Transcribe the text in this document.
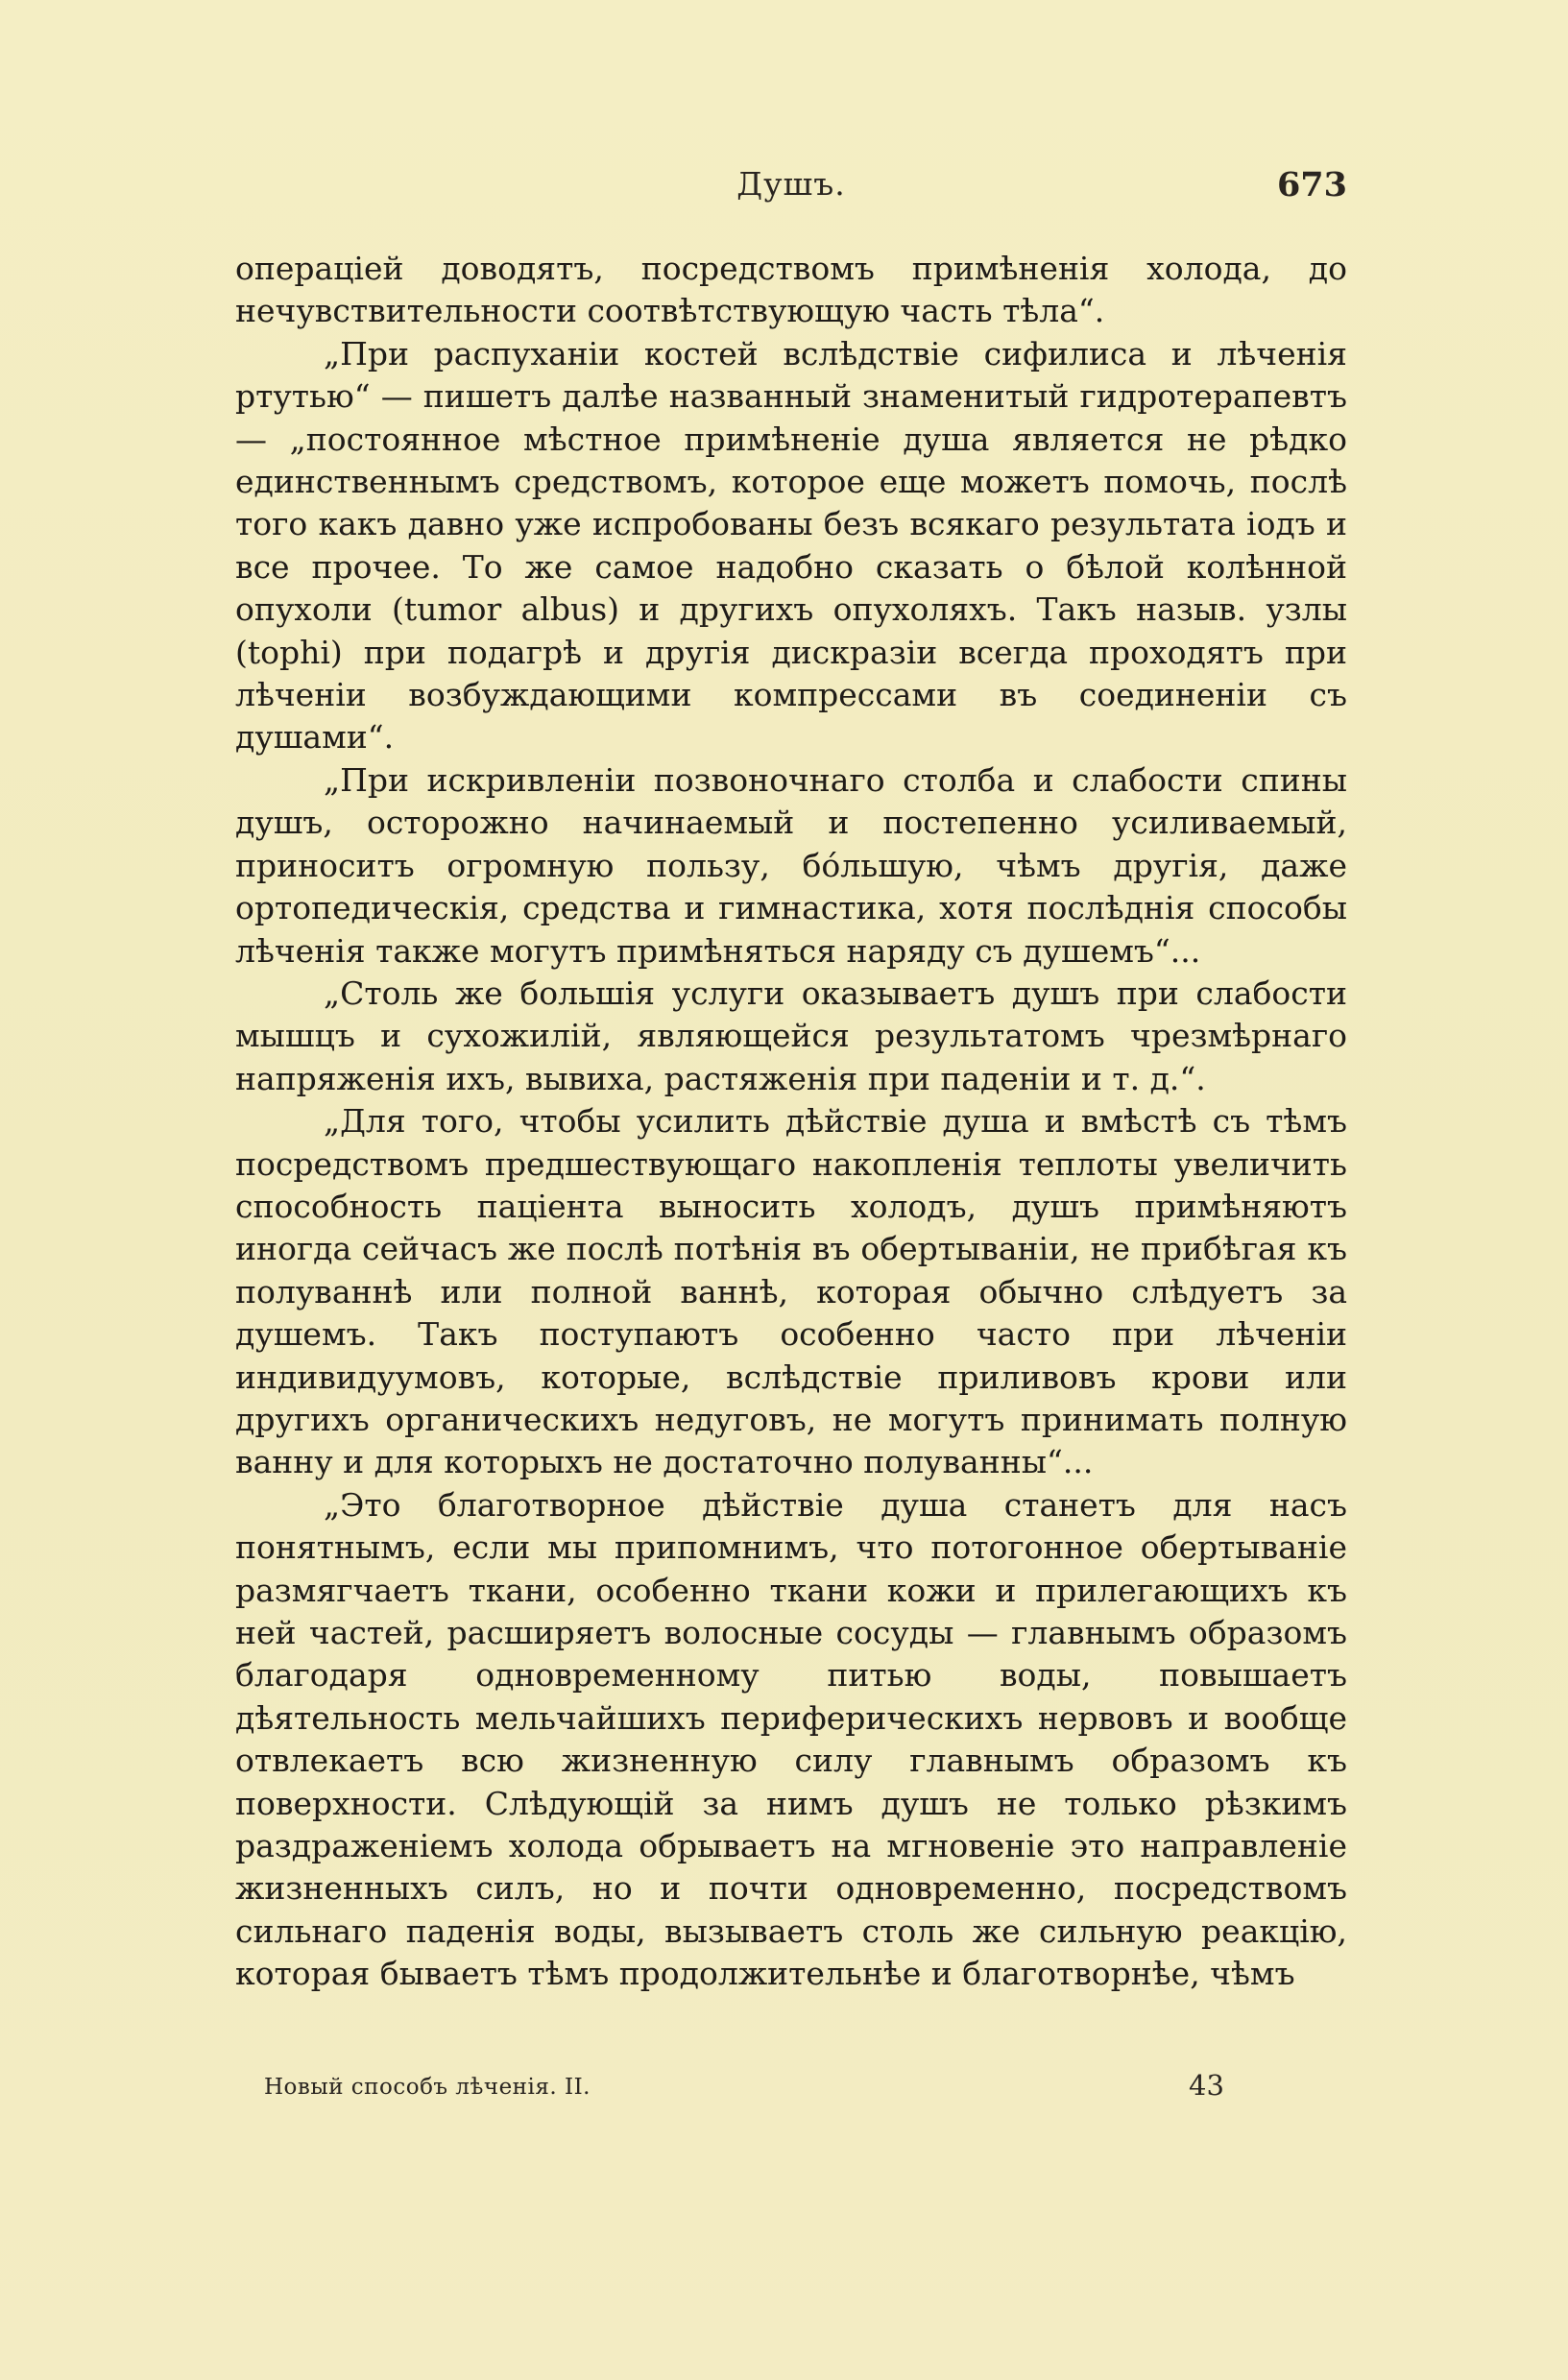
Душъ.	673

операціей доводятъ, посредствомъ примѣненія холода, до нечувствительности соотвѣтствующую часть тѣла“.

„При распуханіи костей вслѣдствіе сифилиса и лѣченія ртутью“ — пишетъ далѣе названный знаменитый гидротерапевтъ — „постоянное мѣстное примѣненіе душа является не рѣдко единственнымъ средствомъ, которое еще можетъ помочь, послѣ того какъ давно уже испробованы безъ всякаго результата іодъ и все прочее. То же самое надобно сказать о бѣлой колѣнной опухоли (tumor albus) и другихъ опухоляхъ. Такъ назыв. узлы (tophi) при подагрѣ и другія дискразіи всегда проходятъ при лѣченіи возбуждающими компрессами въ соединеніи съ душами“.

„При искривленіи позвоночнаго столба и слабости спины душъ, осторожно начинаемый и постепенно усиливаемый, приноситъ огромную пользу, бо́льшую, чѣмъ другія, даже ортопедическія, средства и гимнастика, хотя послѣднія способы лѣченія также могутъ примѣняться наряду съ душемъ“...

„Столь же большія услуги оказываетъ душъ при слабости мышцъ и сухожилій, являющейся результатомъ чрезмѣрнаго напряженія ихъ, вывиха, растяженія при паденіи и т. д.“.

„Для того, чтобы усилить дѣйствіе душа и вмѣстѣ съ тѣмъ посредствомъ предшествующаго накопленія теплоты увеличить способность паціента выносить холодъ, душъ примѣняютъ иногда сейчасъ же послѣ потѣнія въ обертываніи, не прибѣгая къ полуваннѣ или полной ваннѣ, которая обычно слѣдуетъ за душемъ. Такъ поступаютъ особенно часто при лѣченіи индивидуумовъ, которые, вслѣдствіе приливовъ крови или другихъ органическихъ недуговъ, не могутъ принимать полную ванну и для которыхъ не достаточно полуванны“...

„Это благотворное дѣйствіе душа станетъ для насъ понятнымъ, если мы припомнимъ, что потогонное обертываніе размягчаетъ ткани, особенно ткани кожи и прилегающихъ къ ней частей, расширяетъ волосные сосуды — главнымъ образомъ благодаря одновременному питью воды, повышаетъ дѣятельность мельчайшихъ периферическихъ нервовъ и вообще отвлекаетъ всю жизненную силу главнымъ образомъ къ поверхности. Слѣдующій за нимъ душъ не только рѣзкимъ раздраженіемъ холода обрываетъ на мгновеніе это направленіе жизненныхъ силъ, но и почти одновременно, посредствомъ сильнаго паденія воды, вызываетъ столь же сильную реакцію, которая бываетъ тѣмъ продолжительнѣе и благотворнѣе, чѣмъ

Новый способъ лѣченія. II.	43
